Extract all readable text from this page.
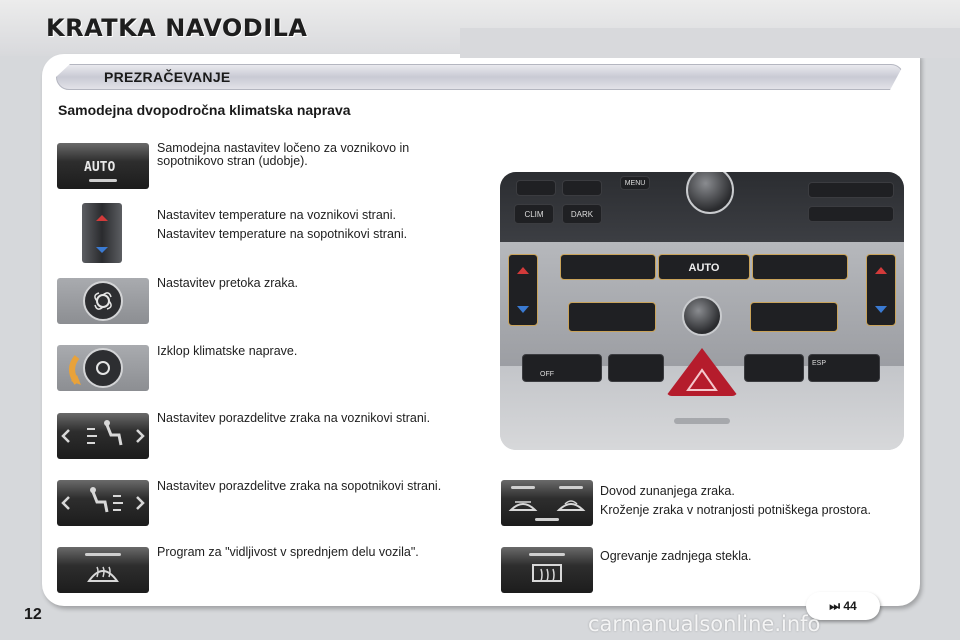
KRATKA NAVODILA
PREZRAČEVANJE
Samodejna dvopodročna klimatska naprava
AUTO

Samodejna nastavitev ločeno za voznikovo in sopotnikovo stran (udobje).

Nastavitev temperature na voznikovi strani.

Nastavitev temperature na sopotnikovi strani.

Nastavitev pretoka zraka.

Izklop klimatske naprave.

Nastavitev porazdelitve zraka na voznikovi strani.

Nastavitev porazdelitve zraka na sopotnikovi strani.

Program za "vidljivost v sprednjem delu vozila".

CLIM	DARK
MENU
AUTO
OFF
ESP

Dovod zunanjega zraka.

Kroženje zraka v notranjosti potniškega prostora.

Ogrevanje zadnjega stekla.

12	⏭ 44
carmanualsonline.info
